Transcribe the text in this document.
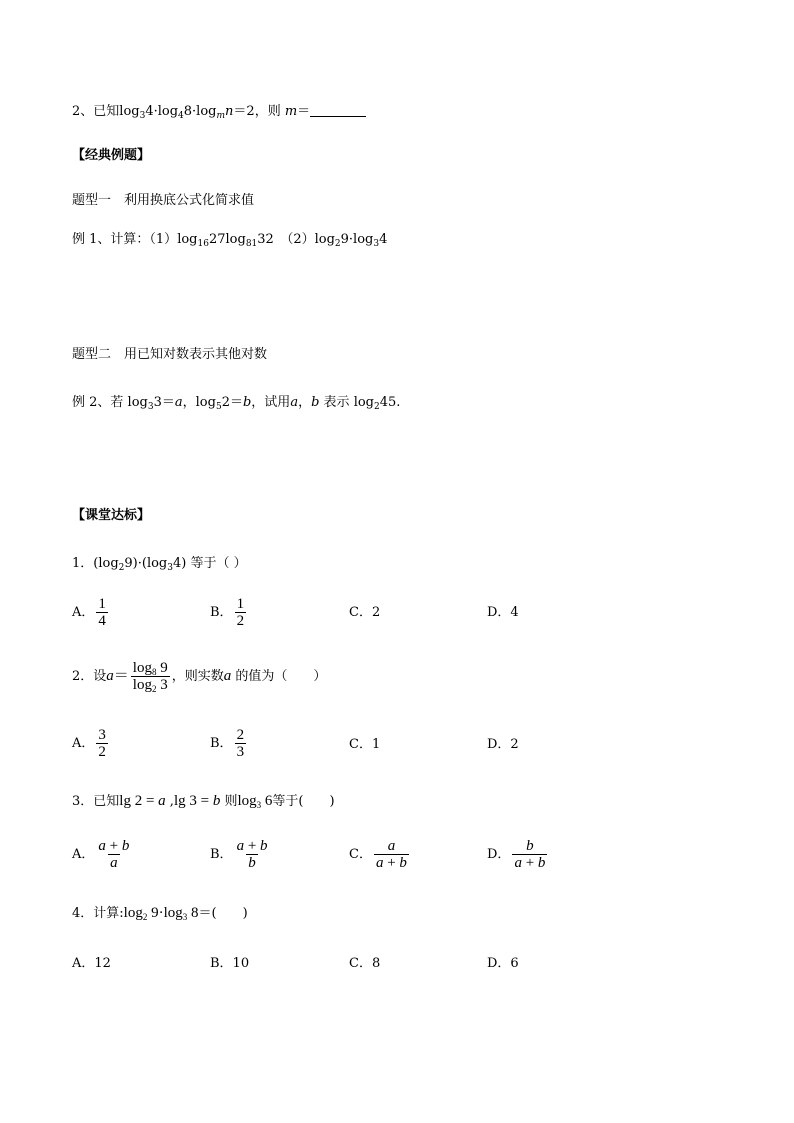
2、已知$\log_34\cdot\log_48\cdot\log_mn=2$，则 m＝
【经典例题】
题型一　利用换底公式化简求值
例 1、计算：$(1)\log_{16}27\log_{81}32$　$(2)\log_29\cdot\log_34$
题型二　用已知对数表示其他对数
例 2、若 $\log_33=a$，$\log_52=b$，试用a，b 表示 $\log_245$.
【课堂达标】
1．$(\log_29)\cdot(\log_34)$ 等于（ ）
A． $\frac{1}{4}$	B． $\frac{1}{2}$	C．2	D．4
2．设$a= \frac{\log_8 9}{\log_2 3}$ ，则实数a 的值为（　　）
A． $\frac{3}{2}$	B． $\frac{2}{3}$	C．1	D．2
3．已知lg 2 = a ,lg 3 = b 则$\log_3 6$等于(　　)
A． $\frac{a + b}{a}$	B． $\frac{a + b}{b}$	C． $\frac{a}{a + b}$	D． $\frac{b}{a + b}$
4．计算$:\log_2$ $9\cdot\log_3$ 8＝(　　)
A．12	B．10	C．8	D．6
